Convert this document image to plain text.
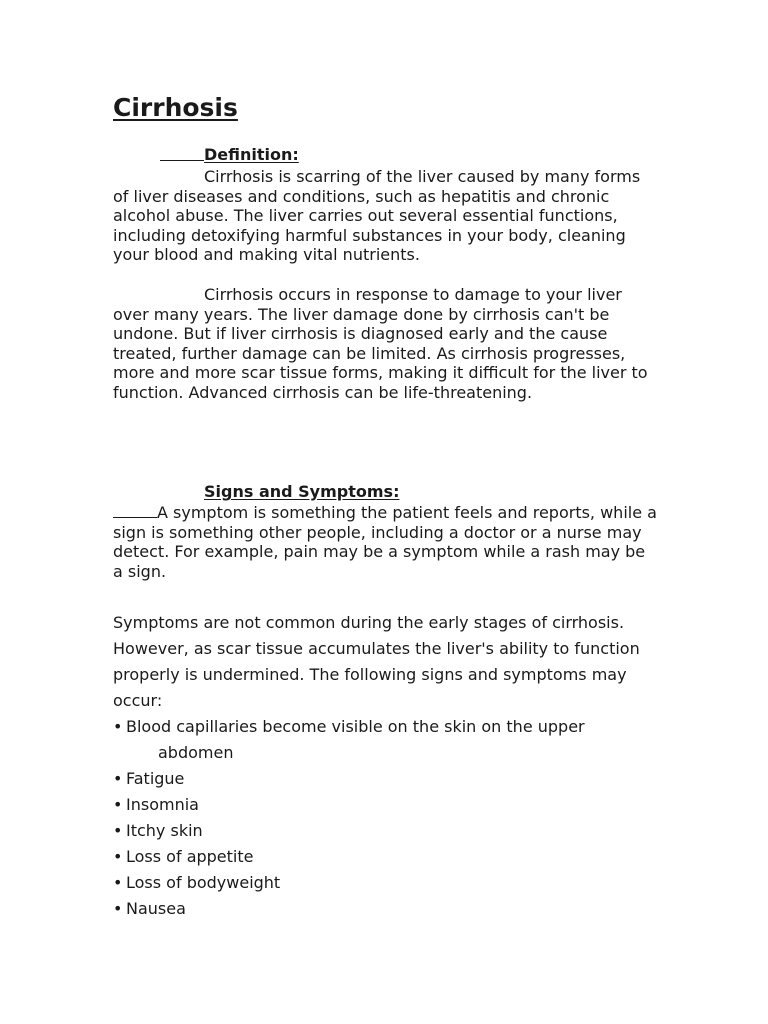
Cirrhosis
Definition:

Cirrhosis is scarring of the liver caused by many forms of liver diseases and conditions, such as hepatitis and chronic alcohol abuse. The liver carries out several essential functions, including detoxifying harmful substances in your body, cleaning your blood and making vital nutrients.

Cirrhosis occurs in response to damage to your liver over many years. The liver damage done by cirrhosis can't be undone. But if liver cirrhosis is diagnosed early and the cause treated, further damage can be limited. As cirrhosis progresses, more and more scar tissue forms, making it difficult for the liver to function. Advanced cirrhosis can be life-threatening.

Signs and Symptoms:

A symptom is something the patient feels and reports, while a sign is something other people, including a doctor or a nurse may detect. For example, pain may be a symptom while a rash may be a sign.

Symptoms are not common during the early stages of cirrhosis. However, as scar tissue accumulates the liver's ability to function properly is undermined. The following signs and symptoms may occur:

• Blood capillaries become visible on the skin on the upper
abdomen
• Fatigue
• Insomnia
• Itchy skin
• Loss of appetite
• Loss of bodyweight
• Nausea
